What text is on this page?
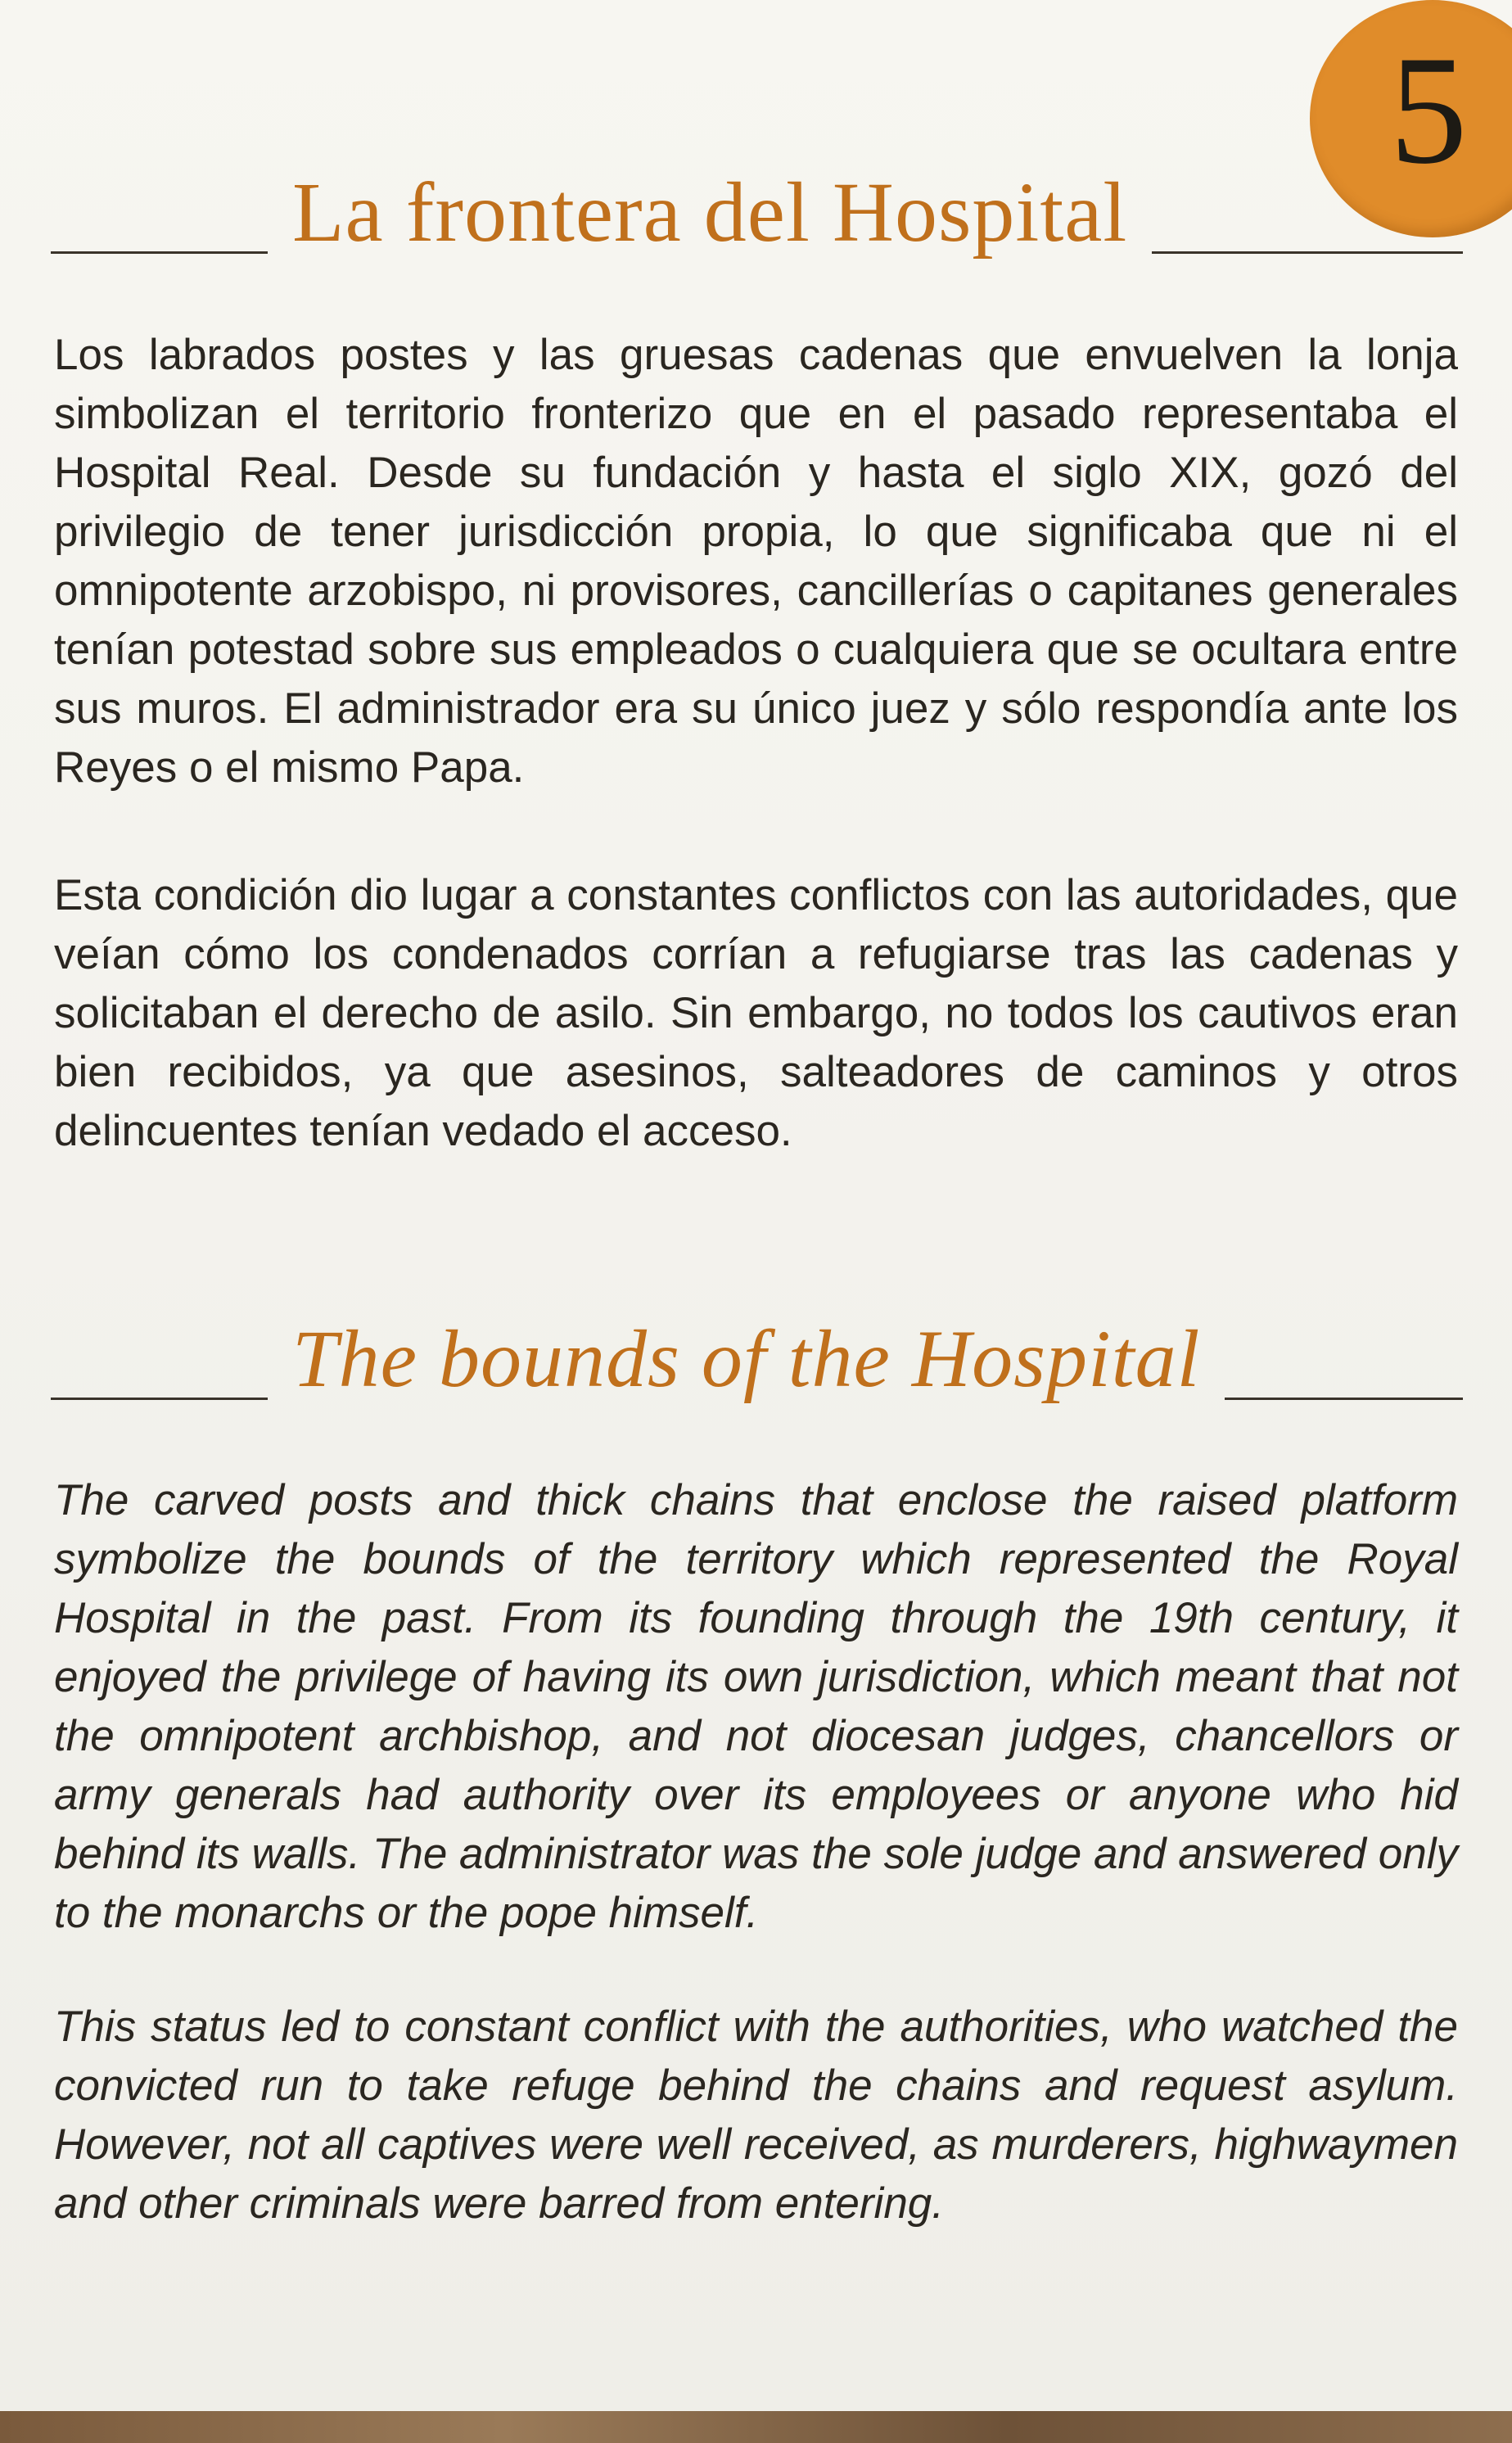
5
La frontera del Hospital

Los labrados postes y las gruesas cadenas que envuelven la lonja simbolizan el territorio fronterizo que en el pasado representaba el Hospital Real. Desde su fundación y hasta el siglo XIX, gozó del privilegio de tener jurisdicción propia, lo que significaba que ni el omnipotente arzobispo, ni provisores, cancillerías o capitanes generales tenían potestad sobre sus empleados o cualquiera que se ocultara entre sus muros. El administrador era su único juez y sólo respondía ante los Reyes o el mismo Papa.

Esta condición dio lugar a constantes conflictos con las autoridades, que veían cómo los condenados corrían a refugiarse tras las cadenas y solicitaban el derecho de asilo. Sin embargo, no todos los cautivos eran bien recibidos, ya que asesinos, salteadores de caminos y otros delincuentes tenían vedado el acceso.

The bounds of the Hospital

The carved posts and thick chains that enclose the raised platform symbolize the bounds of the territory which represented the Royal Hospital in the past. From its founding through the 19th century, it enjoyed the privilege of having its own jurisdiction, which meant that not the omnipotent archbishop, and not diocesan judges, chancellors or army generals had authority over its employees or anyone who hid behind its walls. The administrator was the sole judge and answered only to the monarchs or the pope himself.

This status led to constant conflict with the authorities, who watched the convicted run to take refuge behind the chains and request asylum. However, not all captives were well received, as murderers, highwaymen and other criminals were barred from entering.
